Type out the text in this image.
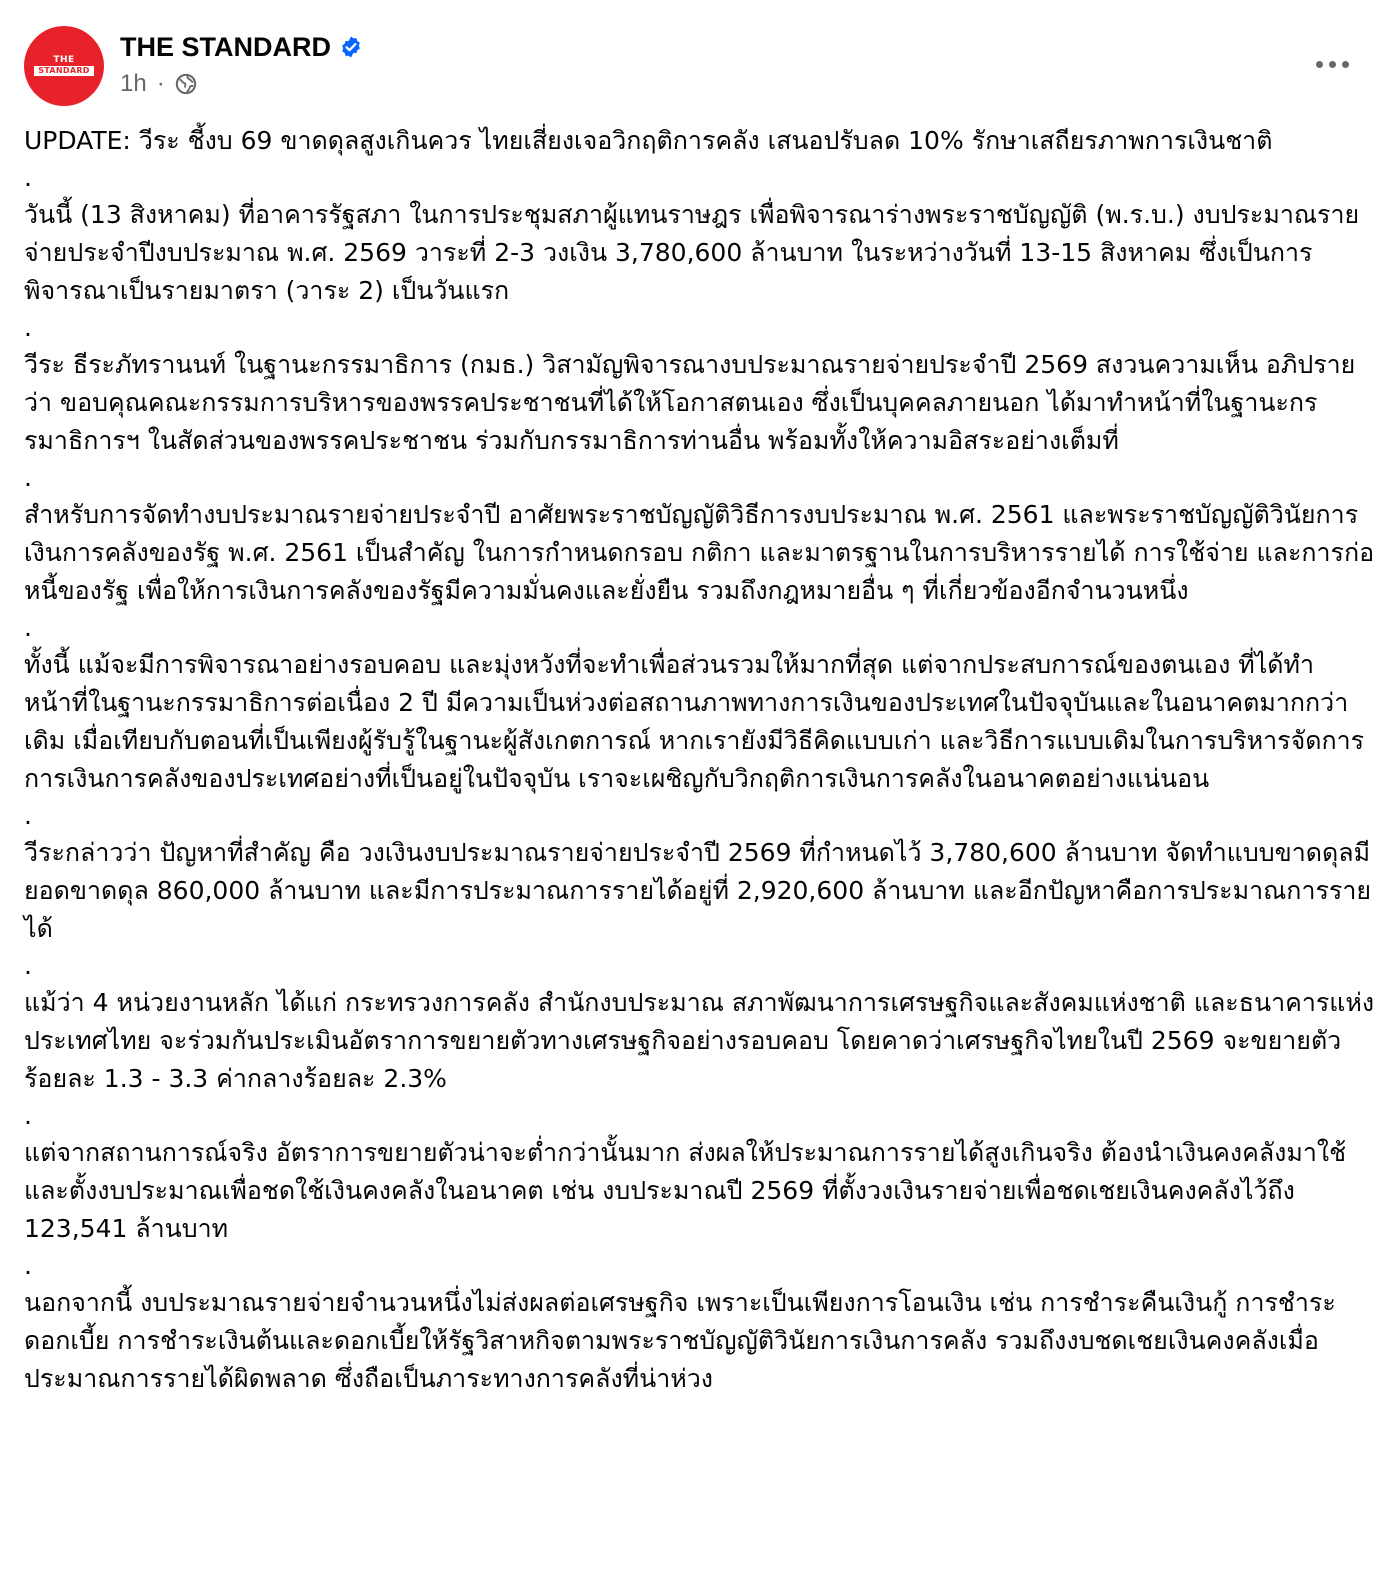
THE
STANDARD
THE STANDARD
1h ·

UPDATE: วีระ ชี้งบ 69 ขาดดุลสูงเกินควร ไทยเสี่ยงเจอวิกฤติการคลัง เสนอปรับลด 10% รักษาเสถียรภาพการเงินชาติ

.

วันนี้ (13 สิงหาคม) ที่อาคารรัฐสภา ในการประชุมสภาผู้แทนราษฎร เพื่อพิจารณาร่างพระราชบัญญัติ (พ.ร.บ.) งบประมาณรายจ่ายประจำปีงบประมาณ พ.ศ. 2569 วาระที่ 2-3 วงเงิน 3,780,600 ล้านบาท ในระหว่างวันที่ 13-15 สิงหาคม ซึ่งเป็นการพิจารณาเป็นรายมาตรา (วาระ 2) เป็นวันแรก

.

วีระ ธีระภัทรานนท์ ในฐานะกรรมาธิการ (กมธ.) วิสามัญพิจารณางบประมาณรายจ่ายประจำปี 2569 สงวนความเห็น อภิปรายว่า ขอบคุณคณะกรรมการบริหารของพรรคประชาชนที่ได้ให้โอกาสตนเอง ซึ่งเป็นบุคคลภายนอก ได้มาทำหน้าที่ในฐานะกรรมาธิการฯ ในสัดส่วนของพรรคประชาชน ร่วมกับกรรมาธิการท่านอื่น พร้อมทั้งให้ความอิสระอย่างเต็มที่

.

สำหรับการจัดทำงบประมาณรายจ่ายประจำปี อาศัยพระราชบัญญัติวิธีการงบประมาณ พ.ศ. 2561 และพระราชบัญญัติวินัยการเงินการคลังของรัฐ พ.ศ. 2561 เป็นสำคัญ ในการกำหนดกรอบ กติกา และมาตรฐานในการบริหารรายได้ การใช้จ่าย และการก่อหนี้ของรัฐ เพื่อให้การเงินการคลังของรัฐมีความมั่นคงและยั่งยืน รวมถึงกฎหมายอื่น ๆ ที่เกี่ยวข้องอีกจำนวนหนึ่ง

.

ทั้งนี้ แม้จะมีการพิจารณาอย่างรอบคอบ และมุ่งหวังที่จะทำเพื่อส่วนรวมให้มากที่สุด แต่จากประสบการณ์ของตนเอง ที่ได้ทำหน้าที่ในฐานะกรรมาธิการต่อเนื่อง 2 ปี มีความเป็นห่วงต่อสถานภาพทางการเงินของประเทศในปัจจุบันและในอนาคตมากกว่าเดิม เมื่อเทียบกับตอนที่เป็นเพียงผู้รับรู้ในฐานะผู้สังเกตการณ์ หากเรายังมีวิธีคิดแบบเก่า และวิธีการแบบเดิมในการบริหารจัดการการเงินการคลังของประเทศอย่างที่เป็นอยู่ในปัจจุบัน เราจะเผชิญกับวิกฤติการเงินการคลังในอนาคตอย่างแน่นอน

.

วีระกล่าวว่า ปัญหาที่สำคัญ คือ วงเงินงบประมาณรายจ่ายประจำปี 2569 ที่กำหนดไว้ 3,780,600 ล้านบาท จัดทำแบบขาดดุลมียอดขาดดุล 860,000 ล้านบาท และมีการประมาณการรายได้อยู่ที่ 2,920,600 ล้านบาท และอีกปัญหาคือการประมาณการรายได้

.

แม้ว่า 4 หน่วยงานหลัก ได้แก่ กระทรวงการคลัง สำนักงบประมาณ สภาพัฒนาการเศรษฐกิจและสังคมแห่งชาติ และธนาคารแห่งประเทศไทย จะร่วมกันประเมินอัตราการขยายตัวทางเศรษฐกิจอย่างรอบคอบ โดยคาดว่าเศรษฐกิจไทยในปี 2569 จะขยายตัวร้อยละ 1.3 - 3.3 ค่ากลางร้อยละ 2.3%

.

แต่จากสถานการณ์จริง อัตราการขยายตัวน่าจะต่ำกว่านั้นมาก ส่งผลให้ประมาณการรายได้สูงเกินจริง ต้องนำเงินคงคลังมาใช้ และตั้งงบประมาณเพื่อชดใช้เงินคงคลังในอนาคต เช่น งบประมาณปี 2569 ที่ตั้งวงเงินรายจ่ายเพื่อชดเชยเงินคงคลังไว้ถึง 123,541 ล้านบาท

.

นอกจากนี้ งบประมาณรายจ่ายจำนวนหนึ่งไม่ส่งผลต่อเศรษฐกิจ เพราะเป็นเพียงการโอนเงิน เช่น การชำระคืนเงินกู้ การชำระดอกเบี้ย การชำระเงินต้นและดอกเบี้ยให้รัฐวิสาหกิจตามพระราชบัญญัติวินัยการเงินการคลัง รวมถึงงบชดเชยเงินคงคลังเมื่อประมาณการรายได้ผิดพลาด ซึ่งถือเป็นภาระทางการคลังที่น่าห่วง
